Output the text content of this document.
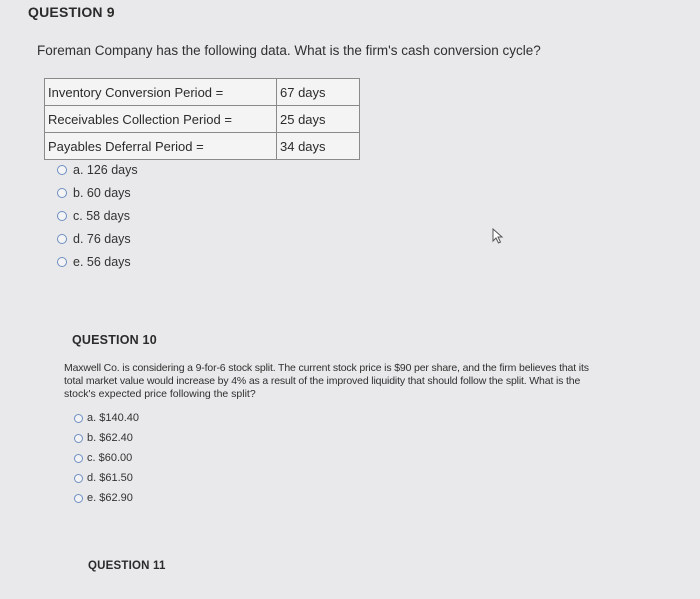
QUESTION 9
Foreman Company has the following data. What is the firm's cash conversion cycle?
Inventory Conversion Period =	67 days
Receivables Collection Period =	25 days
Payables Deferral Period =	34 days
a. 126 days
b. 60 days
c. 58 days
d. 76 days
e. 56 days
QUESTION 10
Maxwell Co. is considering a 9-for-6 stock split. The current stock price is $90 per share, and the firm believes that its
total market value would increase by 4% as a result of the improved liquidity that should follow the split. What is the
stock's expected price following the split?
a. $140.40
b. $62.40
c. $60.00
d. $61.50
e. $62.90
QUESTION 11
